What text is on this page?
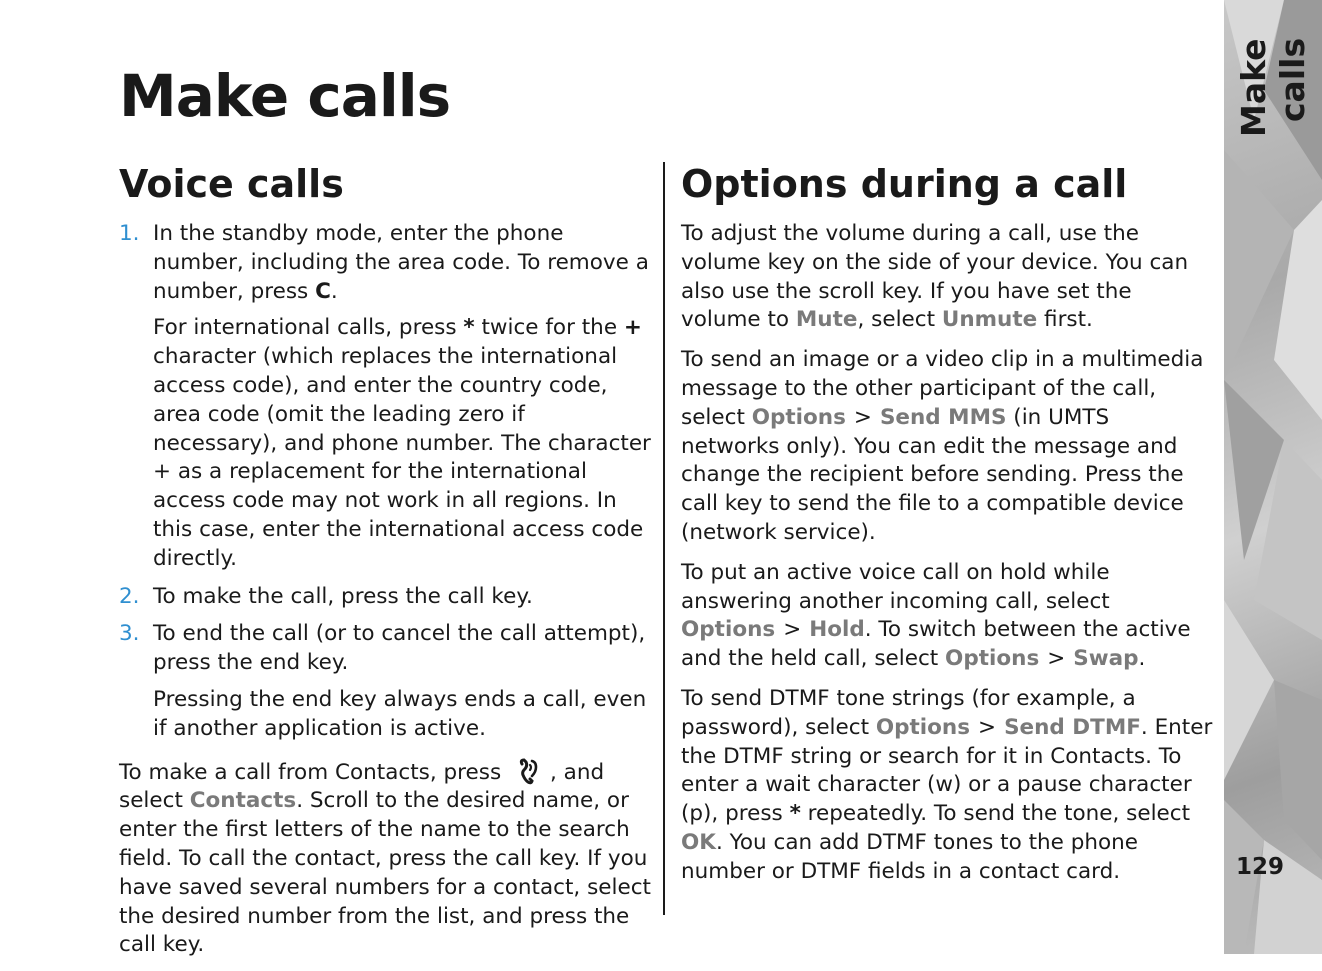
Make calls
Voice calls
1. In the standby mode, enter the phone number, including the area code. To remove a number, press C.
For international calls, press * twice for the + character (which replaces the international access code), and enter the country code, area code (omit the leading zero if necessary), and phone number. The character + as a replacement for the international access code may not work in all regions. In this case, enter the international access code directly.
2. To make the call, press the call key.
3. To end the call (or to cancel the call attempt), press the end key.
Pressing the end key always ends a call, even if another application is active.

To make a call from Contacts, press , and select Contacts. Scroll to the desired name, or enter the first letters of the name to the search field. To call the contact, press the call key. If you have saved several numbers for a contact, select the desired number from the list, and press the call key.

Options during a call

To adjust the volume during a call, use the volume key on the side of your device. You can also use the scroll key. If you have set the volume to Mute, select Unmute first.

To send an image or a video clip in a multimedia message to the other participant of the call, select Options > Send MMS (in UMTS networks only). You can edit the message and change the recipient before sending. Press the call key to send the file to a compatible device (network service).

To put an active voice call on hold while answering another incoming call, select Options > Hold. To switch between the active and the held call, select Options > Swap.

To send DTMF tone strings (for example, a password), select Options > Send DTMF. Enter the DTMF string or search for it in Contacts. To enter a wait character (w) or a pause character (p), press * repeatedly. To send the tone, select OK. You can add DTMF tones to the phone number or DTMF fields in a contact card.

Make calls
129
